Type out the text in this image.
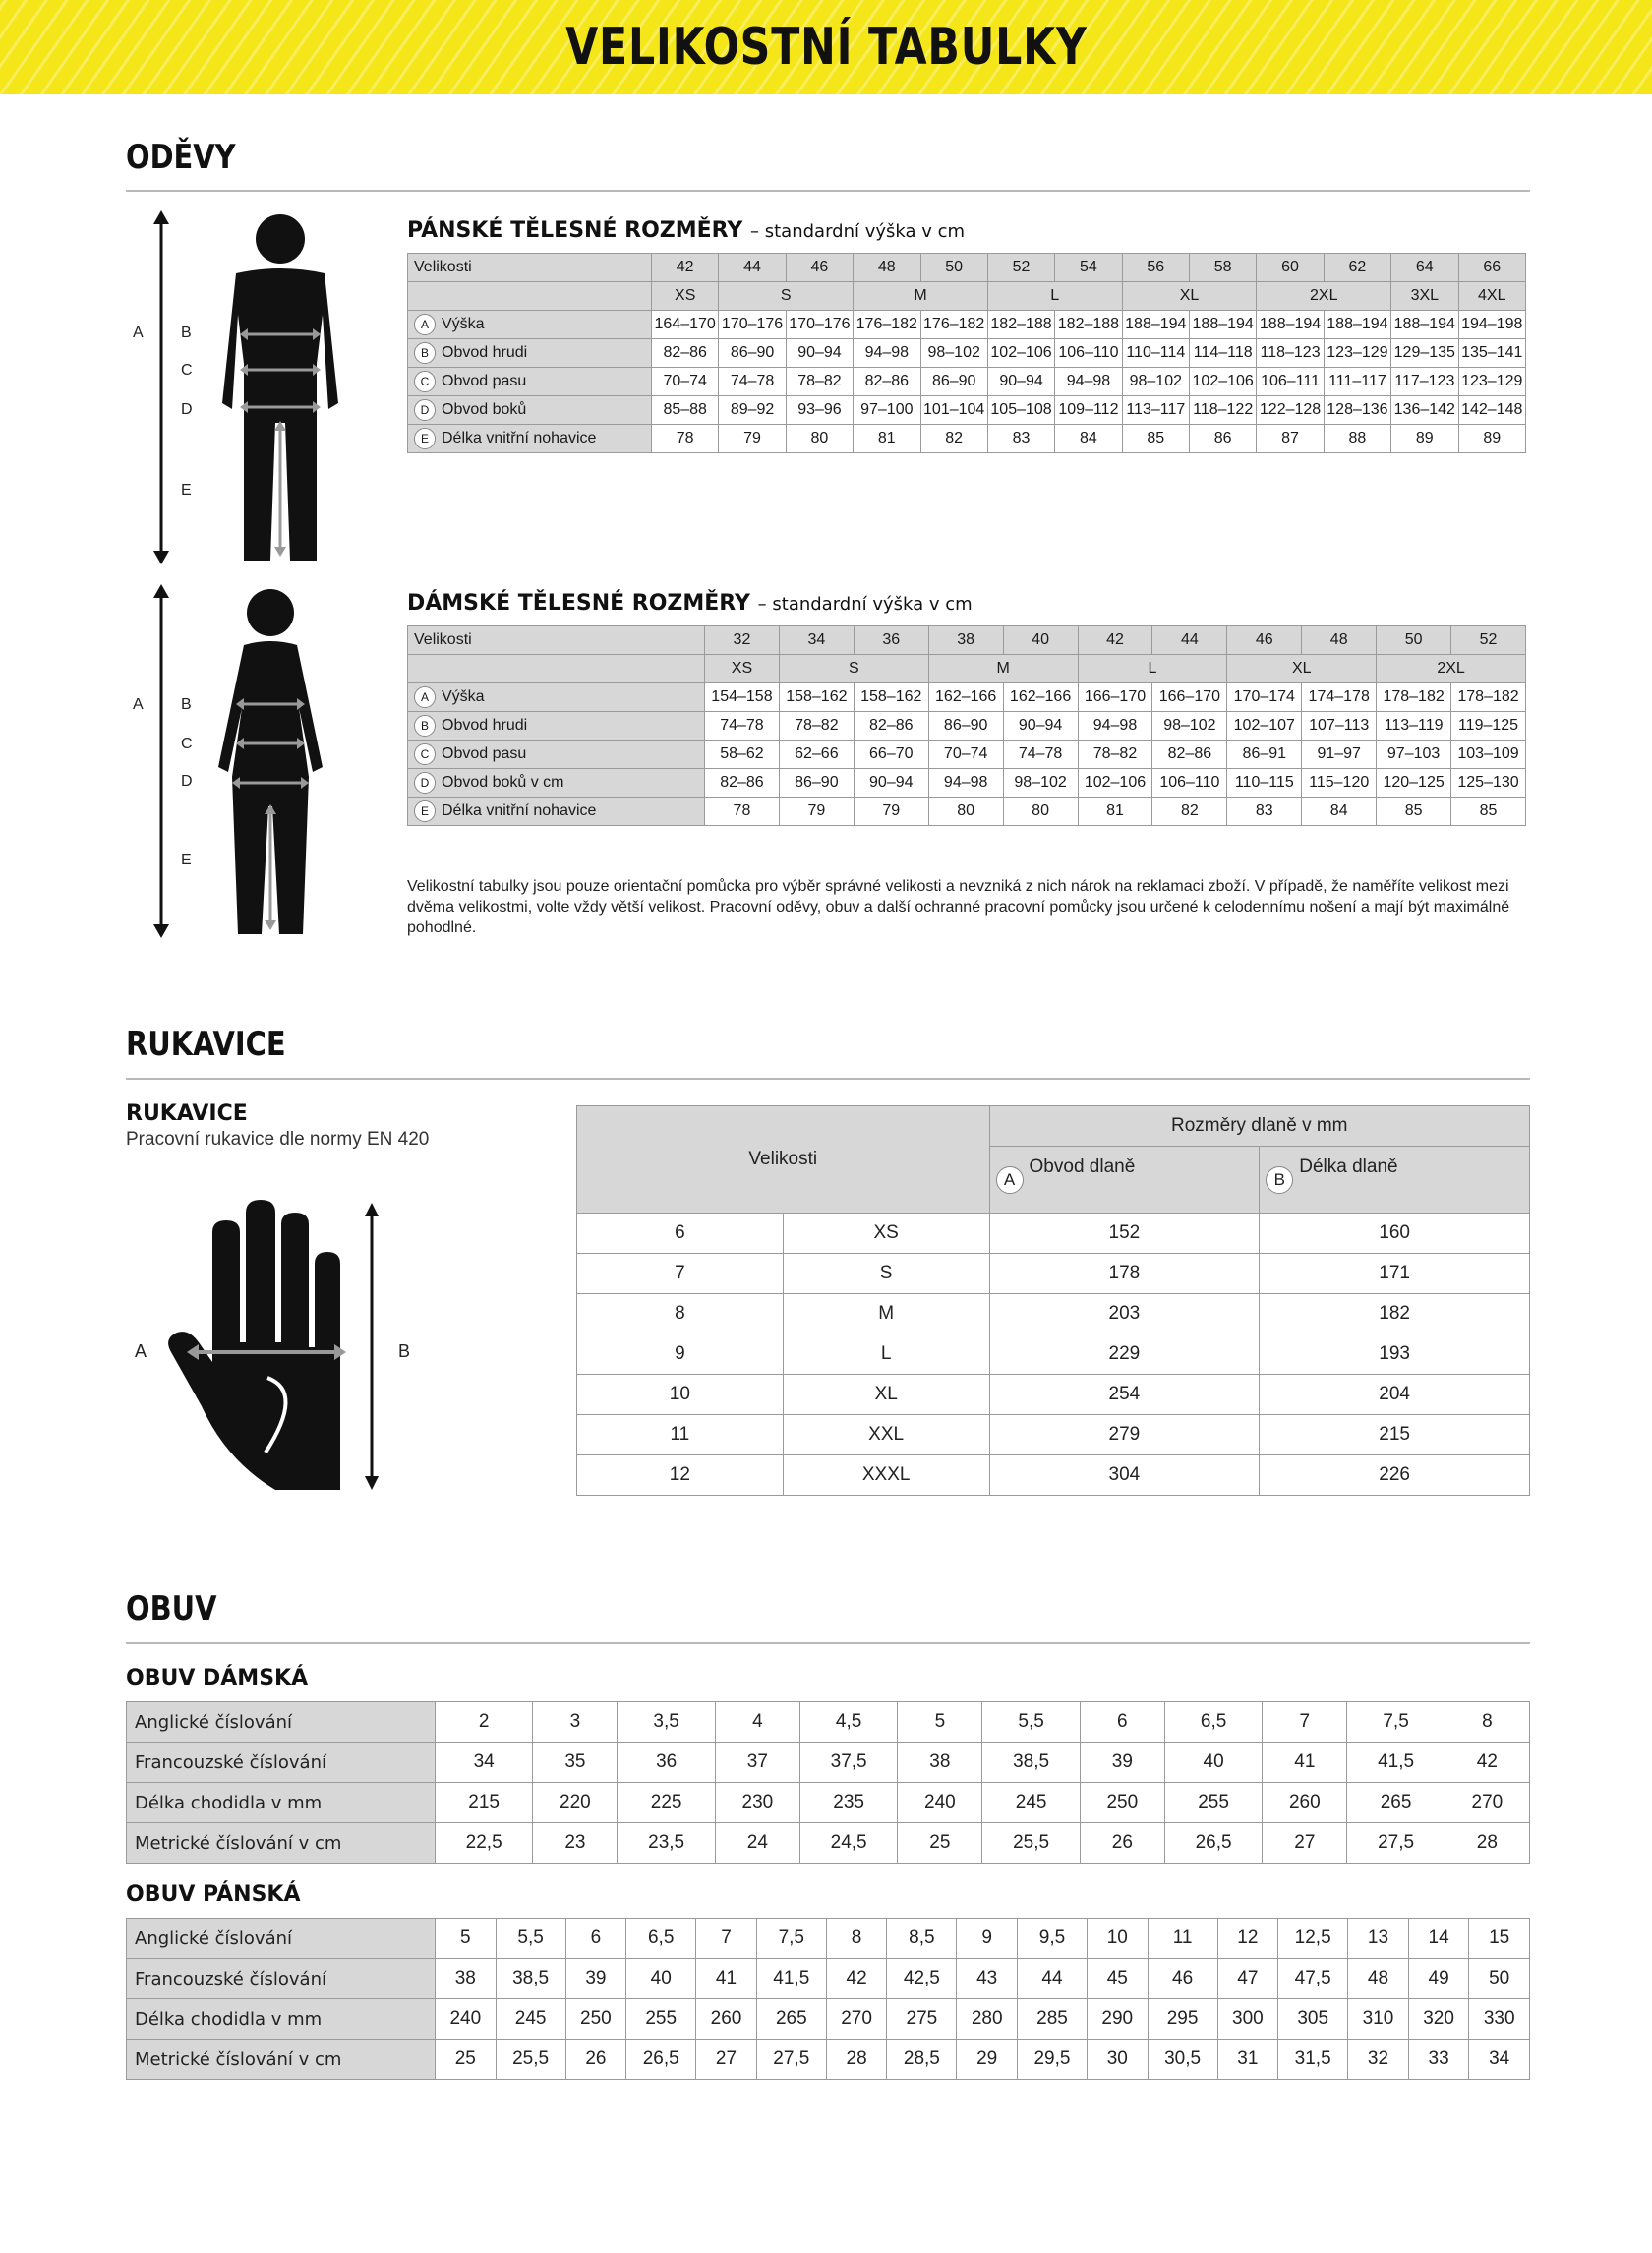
VELIKOSTNÍ TABULKY
ODĚVY
A B
C
D
E
PÁNSKÉ TĚLESNÉ ROZMĚRY – standardní výška v cm
Velikosti	42	44	46	48	50	52	54	56	58	60	62	64	66
	XS	S		M		L		XL		2XL		3XL	4XL
A Výška	164–170	170–176	170–176	176–182	176–182	182–188	182–188	188–194	188–194	188–194	188–194	188–194	194–198
B Obvod hrudi	82–86	86–90	90–94	94–98	98–102	102–106	106–110	110–114	114–118	118–123	123–129	129–135	135–141
C Obvod pasu	70–74	74–78	78–82	82–86	86–90	90–94	94–98	98–102	102–106	106–111	111–117	117–123	123–129
D Obvod boků	85–88	89–92	93–96	97–100	101–104	105–108	109–112	113–117	118–122	122–128	128–136	136–142	142–148
E Délka vnitřní nohavice	78	79	80	81	82	83	84	85	86	87	88	89	89
A B
C
D
E
DÁMSKÉ TĚLESNÉ ROZMĚRY – standardní výška v cm
Velikosti	32	34	36	38	40	42	44	46	48	50	52
	XS	S		M		L		XL		2XL	
A Výška	154–158	158–162	158–162	162–166	162–166	166–170	166–170	170–174	174–178	178–182	178–182
B Obvod hrudi	74–78	78–82	82–86	86–90	90–94	94–98	98–102	102–107	107–113	113–119	119–125
C Obvod pasu	58–62	62–66	66–70	70–74	74–78	78–82	82–86	86–91	91–97	97–103	103–109
D Obvod boků v cm	82–86	86–90	90–94	94–98	98–102	102–106	106–110	110–115	115–120	120–125	125–130
E Délka vnitřní nohavice	78	79	79	80	80	81	82	83	84	85	85
Velikostní tabulky jsou pouze orientační pomůcka pro výběr správné velikosti a nevzniká z nich nárok na reklamaci zboží. V případě, že naměříte velikost mezi dvěma velikostmi, volte vždy větší velikost. Pracovní oděvy, obuv a další ochranné pracovní pomůcky jsou určené k celodennímu nošení a mají být maximálně pohodlné.
RUKAVICE
RUKAVICE
Pracovní rukavice dle normy EN 420
A	B
Velikosti		Rozměry dlaně v mm	
		AObvod dlaně	BDélka dlaně
6	XS	152	160
7	S	178	171
8	M	203	182
9	L	229	193
10	XL	254	204
11	XXL	279	215
12	XXXL	304	226
OBUV
OBUV DÁMSKÁ
Anglické číslování	2	3	3,5	4	4,5	5	5,5	6	6,5	7	7,5	8
Francouzské číslování	34	35	36	37	37,5	38	38,5	39	40	41	41,5	42
Délka chodidla v mm	215	220	225	230	235	240	245	250	255	260	265	270
Metrické číslování v cm	22,5	23	23,5	24	24,5	25	25,5	26	26,5	27	27,5	28
OBUV PÁNSKÁ
Anglické číslování	5	5,5	6	6,5	7	7,5	8	8,5	9	9,5	10	11	12	12,5	13	14	15
Francouzské číslování	38	38,5	39	40	41	41,5	42	42,5	43	44	45	46	47	47,5	48	49	50
Délka chodidla v mm	240	245	250	255	260	265	270	275	280	285	290	295	300	305	310	320	330
Metrické číslování v cm	25	25,5	26	26,5	27	27,5	28	28,5	29	29,5	30	30,5	31	31,5	32	33	34
